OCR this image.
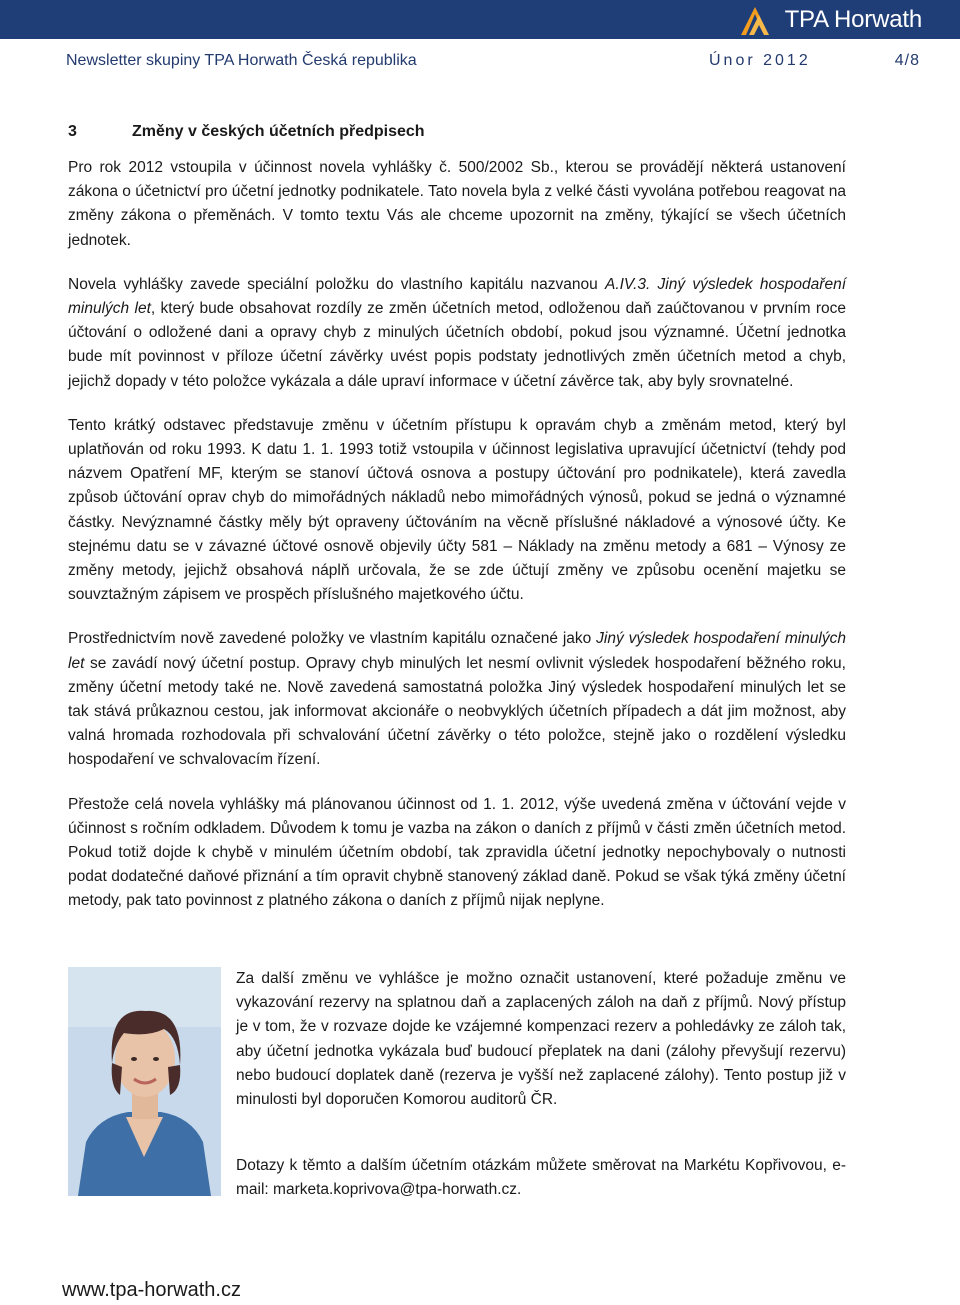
TPA Horwath
Newsletter skupiny TPA Horwath Česká republika	Únor 2012	4/8
3	Změny v českých účetních předpisech

Pro rok 2012 vstoupila v účinnost novela vyhlášky č. 500/2002 Sb., kterou se provádějí některá ustanovení zákona o účetnictví pro účetní jednotky podnikatele. Tato novela byla z velké části vyvolána potřebou reagovat na změny zákona o přeměnách. V tomto textu Vás ale chceme upozornit na změny, týkající se všech účetních jednotek.

Novela vyhlášky zavede speciální položku do vlastního kapitálu nazvanou A.IV.3. Jiný výsledek hospodaření minulých let, který bude obsahovat rozdíly ze změn účetních metod, odloženou daň zaúčtovanou v prvním roce účtování o odložené dani a opravy chyb z minulých účetních období, pokud jsou významné. Účetní jednotka bude mít povinnost v příloze účetní závěrky uvést popis podstaty jednotlivých změn účetních metod a chyb, jejichž dopady v této položce vykázala a dále upraví informace v účetní závěrce tak, aby byly srovnatelné.

Tento krátký odstavec představuje změnu v účetním přístupu k opravám chyb a změnám metod, který byl uplatňován od roku 1993. K datu 1. 1. 1993 totiž vstoupila v účinnost legislativa upravující účetnictví (tehdy pod názvem Opatření MF, kterým se stanoví účtová osnova a postupy účtování pro podnikatele), která zavedla způsob účtování oprav chyb do mimořádných nákladů nebo mimořádných výnosů, pokud se jedná o významné částky. Nevýznamné částky měly být opraveny účtováním na věcně příslušné nákladové a výnosové účty. Ke stejnému datu se v závazné účtové osnově objevily účty 581 – Náklady na změnu metody a 681 – Výnosy ze změny metody, jejichž obsahová náplň určovala, že se zde účtují změny ve způsobu ocenění majetku se souvztažným zápisem ve prospěch příslušného majetkového účtu.

Prostřednictvím nově zavedené položky ve vlastním kapitálu označené jako Jiný výsledek hospodaření minulých let se zavádí nový účetní postup. Opravy chyb minulých let nesmí ovlivnit výsledek hospodaření běžného roku, změny účetní metody také ne. Nově zavedená samostatná položka Jiný výsledek hospodaření minulých let se tak stává průkaznou cestou, jak informovat akcionáře o neobvyklých účetních případech a dát jim možnost, aby valná hromada rozhodovala při schvalování účetní závěrky o této položce, stejně jako o rozdělení výsledku hospodaření ve schvalovacím řízení.

Přestože celá novela vyhlášky má plánovanou účinnost od 1. 1. 2012, výše uvedená změna v účtování vejde v účinnost s ročním odkladem. Důvodem k tomu je vazba na zákon o daních z příjmů v části změn účetních metod. Pokud totiž dojde k chybě v minulém účetním období, tak zpravidla účetní jednotky nepochybovaly o nutnosti podat dodatečné daňové přiznání a tím opravit chybně stanovený základ daně. Pokud se však týká změny účetní metody, pak tato povinnost z platného zákona o daních z příjmů nijak neplyne.

Za další změnu ve vyhlášce je možno označit ustanovení, které požaduje změnu ve vykazování rezervy na splatnou daň a zaplacených záloh na daň z příjmů. Nový přístup je v tom, že v rozvaze dojde ke vzájemné kompenzaci rezerv a pohledávky ze záloh tak, aby účetní jednotka vykázala buď budoucí přeplatek na dani (zálohy převyšují rezervu) nebo budoucí doplatek daně (rezerva je vyšší než zaplacené zálohy). Tento postup již v minulosti byl doporučen Komorou auditorů ČR.

Dotazy k těmto a dalším účetním otázkám můžete směrovat na Markétu Kopřivovou, e-mail: marketa.koprivova@tpa-horwath.cz.

www.tpa-horwath.cz
